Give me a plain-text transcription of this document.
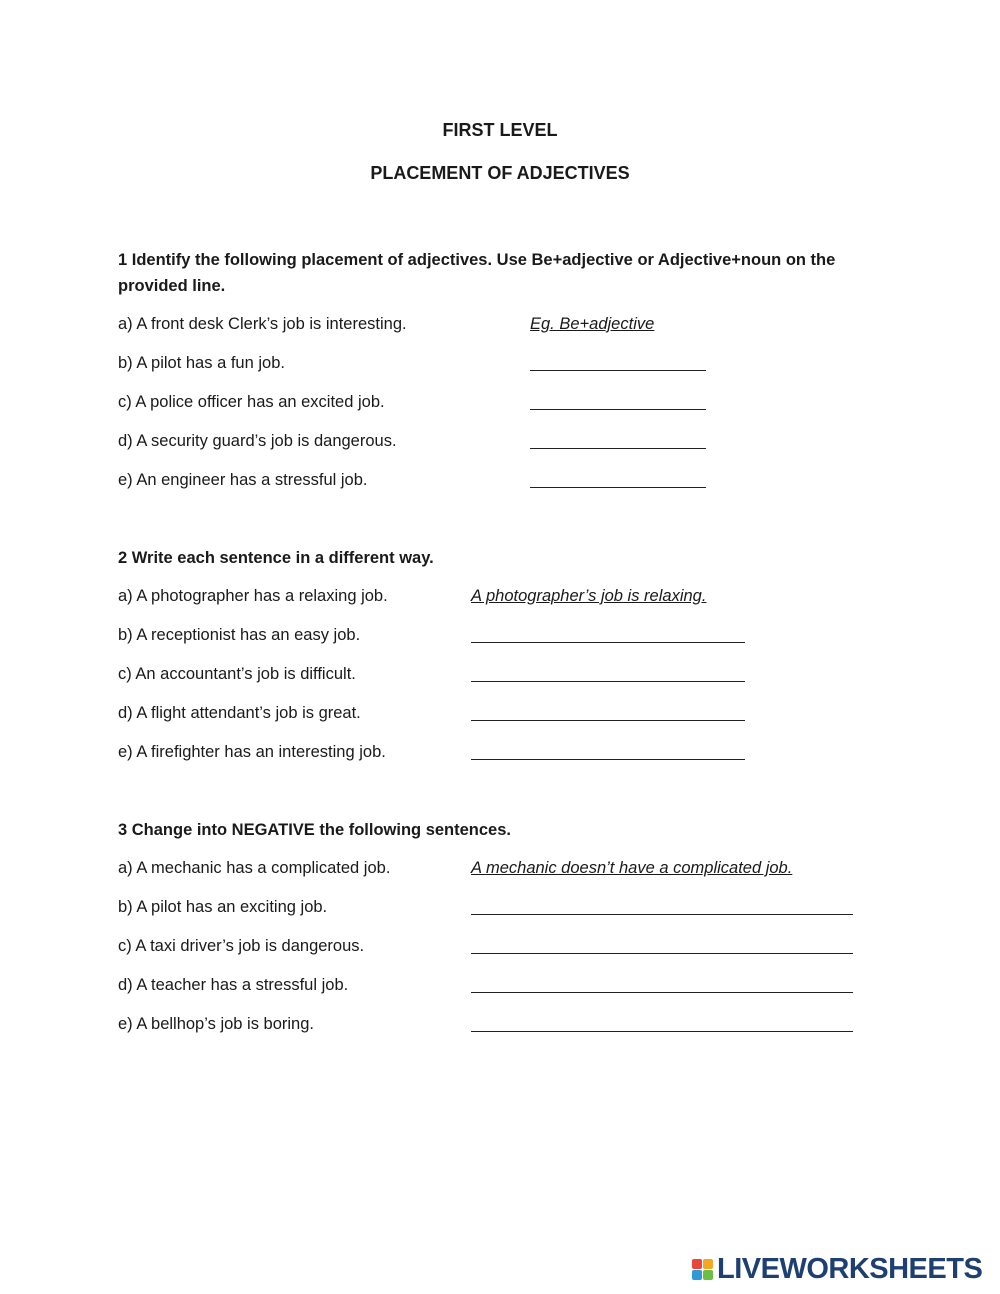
FIRST LEVEL
PLACEMENT OF ADJECTIVES
1 Identify the following placement of adjectives. Use Be+adjective or Adjective+noun on the provided line.
a) A front desk Clerk’s job is interesting.	Eg. Be+adjective
b) A pilot has a fun job.
c) A police officer has an excited job.
d) A security guard’s job is dangerous.
e) An engineer has a stressful job.
2 Write each sentence in a different way.
a) A photographer has a relaxing job.	A photographer’s job is relaxing.
b) A receptionist has an easy job.
c) An accountant’s job is difficult.
d) A flight attendant’s job is great.
e) A firefighter has an interesting job.
3 Change into NEGATIVE the following sentences.
a) A mechanic has a complicated job.	A mechanic doesn’t have a complicated job.
b) A pilot has an exciting job.
c) A taxi driver’s job is dangerous.
d) A teacher has a stressful job.
e) A bellhop’s job is boring.
LIVEWORKSHEETS
